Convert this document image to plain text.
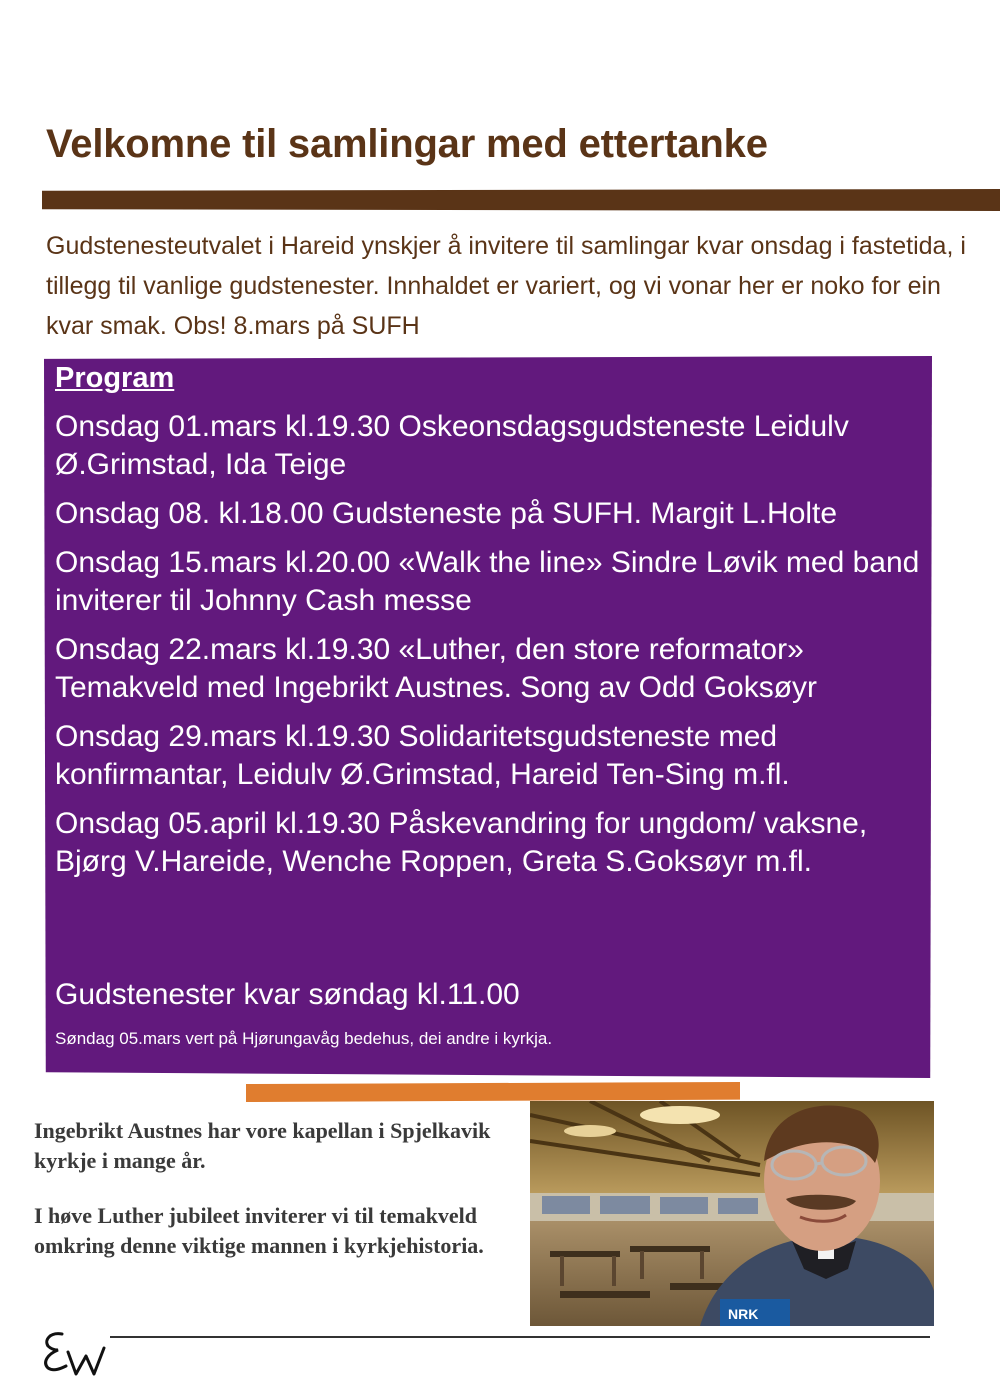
Velkomne til samlingar med ettertanke

Gudstenesteutvalet i Hareid ynskjer å invitere til samlingar kvar onsdag i fastetida, i tillegg til vanlige gudstenester. Innhaldet er variert, og vi vonar her er noko for ein kvar smak. Obs! 8.mars på SUFH

Program
Onsdag 01.mars kl.19.30 Oskeonsdagsgudsteneste Leidulv Ø.Grimstad, Ida Teige
Onsdag 08. kl.18.00 Gudsteneste på SUFH. Margit L.Holte
Onsdag 15.mars kl.20.00 «Walk the line» Sindre Løvik med band inviterer til Johnny Cash messe
Onsdag 22.mars kl.19.30 «Luther, den store reformator» Temakveld med Ingebrikt Austnes. Song av Odd Goksøyr
Onsdag 29.mars kl.19.30 Solidaritetsgudsteneste med konfirmantar, Leidulv Ø.Grimstad, Hareid Ten-Sing m.fl.
Onsdag 05.april kl.19.30 Påskevandring for ungdom/ vaksne, Bjørg V.Hareide, Wenche Roppen, Greta S.Goksøyr m.fl.
Gudstenester kvar søndag kl.11.00
Søndag 05.mars vert på Hjørungavåg bedehus, dei andre i kyrkja.

Ingebrikt Austnes har vore kapellan i Spjelkavik kyrkje i mange år.

I høve Luther jubileet inviterer vi til temakveld omkring denne viktige mannen i kyrkjehistoria.

NRK
